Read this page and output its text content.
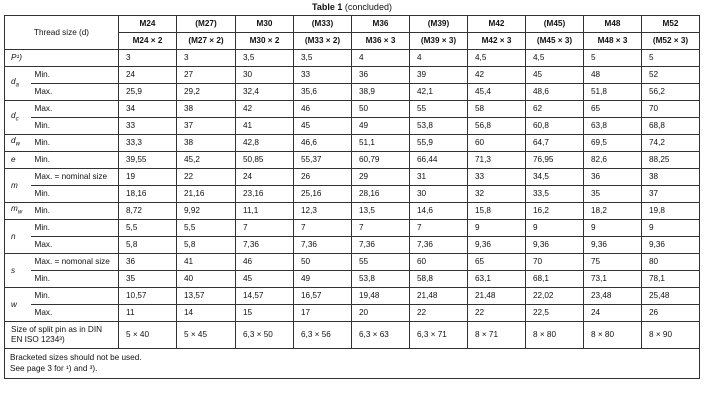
Table 1 (concluded)
Thread size (d)		M24	(M27)	M30	(M33)	M36	(M39)	M42	(M45)	M48	M52
		M24 × 2	(M27 × 2)	M30 × 2	(M33 × 2)	M36 × 3	(M39 × 3)	M42 × 3	(M45 × 3)	M48 × 3	(M52 × 3)
P¹)		3	3	3,5	3,5	4	4	4,5	4,5	5	5
$d_a$	Min.	24	27	30	33	36	39	42	45	48	52
	Max.	25,9	29,2	32,4	35,6	38,9	42,1	45,4	48,6	51,8	56,2
$d_c$	Max.	34	38	42	46	50	55	58	62	65	70
	Min.	33	37	41	45	49	53,8	56,8	60,8	63,8	68,8
$d_w$	Min.	33,3	38	42,8	46,6	51,1	55,9	60	64,7	69,5	74,2
e	Min.	39,55	45,2	50,85	55,37	60,79	66,44	71,3	76,95	82,6	88,25
m	Max. = nominal size	19	22	24	26	29	31	33	34,5	36	38
	Min.	18,16	21,16	23,16	25,16	28,16	30	32	33,5	35	37
$m_w$	Min.	8,72	9,92	11,1	12,3	13,5	14,6	15,8	16,2	18,2	19,8
n	Min.	5,5	5,5	7	7	7	7	9	9	9	9
	Max.	5,8	5,8	7,36	7,36	7,36	7,36	9,36	9,36	9,36	9,36
s	Max. = nomonal size	36	41	46	50	55	60	65	70	75	80
	Min.	35	40	45	49	53,8	58,8	63,1	68,1	73,1	78,1
w	Min.	10,57	13,57	14,57	16,57	19,48	21,48	21,48	22,02	23,48	25,48
	Max.	11	14	15	17	20	22	22	22,5	24	26
Size of split pin as in DIN EN ISO 1234³)		5 × 40	5 × 45	6,3 × 50	6,3 × 56	6,3 × 63	6,3 × 71	8 × 71	8 × 80	8 × 80	8 × 90

Bracketed sizes should not be used.
See page 3 for ¹) and ³).											
